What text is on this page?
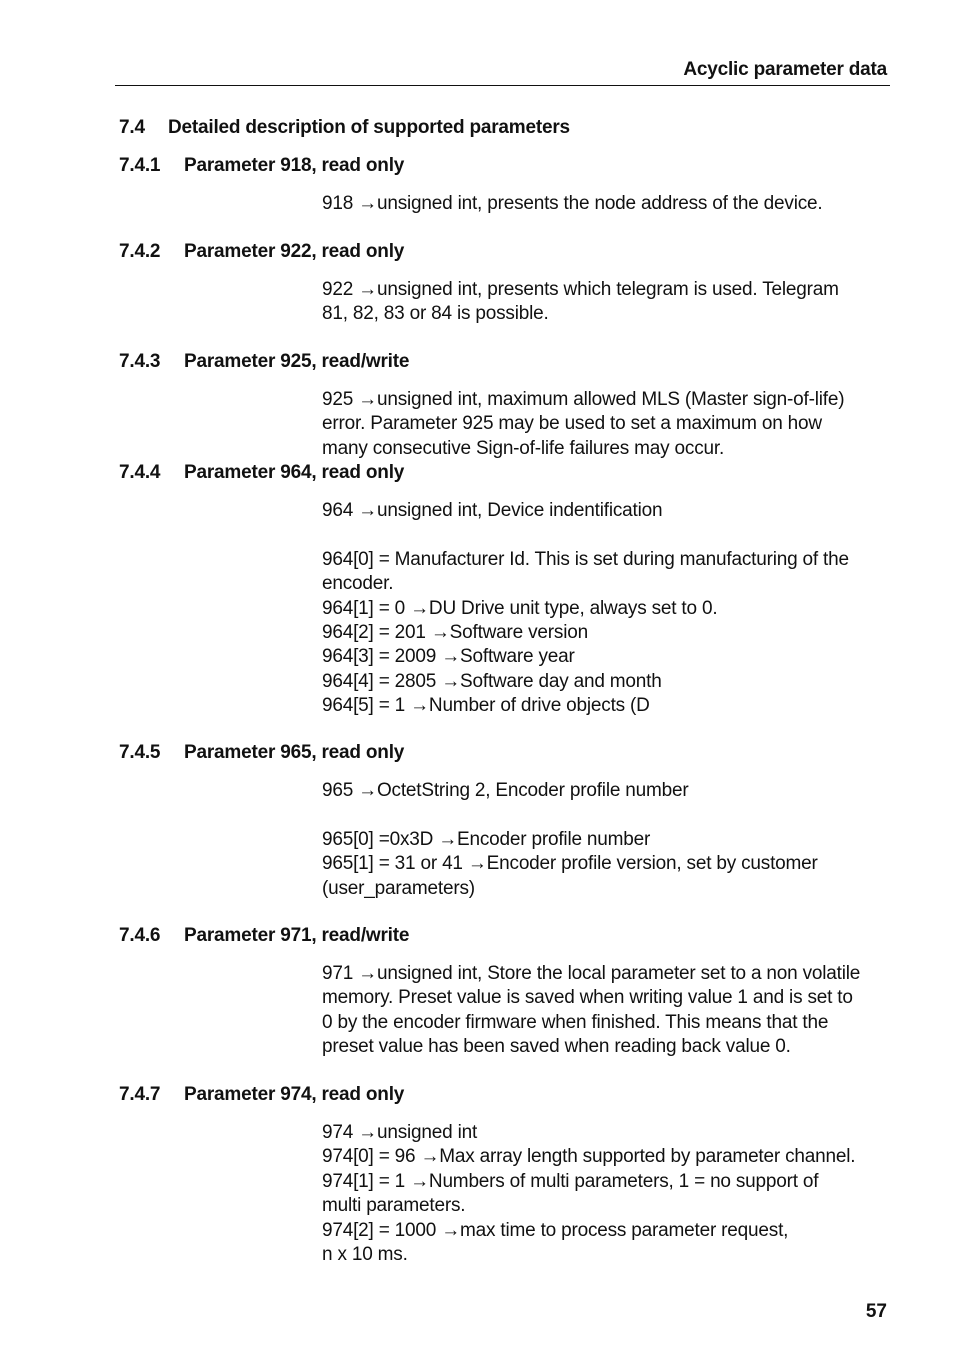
Acyclic parameter data
7.4 Detailed description of supported parameters
7.4.1 Parameter 918, read only

918 →unsigned int, presents the node address of the device.

7.4.2 Parameter 922, read only

922 →unsigned int, presents which telegram is used. Telegram

81, 82, 83 or 84 is possible.

7.4.3 Parameter 925, read/write

925 →unsigned int, maximum allowed MLS (Master sign-of-life)

error. Parameter 925 may be used to set a maximum on how

many consecutive Sign-of-life failures may occur.

7.4.4 Parameter 964, read only

964 →unsigned int, Device indentification

964[0] = Manufacturer Id. This is set during manufacturing of the

encoder.

964[1] = 0 →DU Drive unit type, always set to 0.

964[2] = 201 →Software version

964[3] = 2009 →Software year

964[4] = 2805 →Software day and month

964[5] = 1 →Number of drive objects (D

7.4.5 Parameter 965, read only

965 →OctetString 2, Encoder profile number

965[0] =0x3D →Encoder profile number

965[1] = 31 or 41 →Encoder profile version, set by customer

(user_parameters)

7.4.6 Parameter 971, read/write

971 →unsigned int, Store the local parameter set to a non volatile

memory. Preset value is saved when writing value 1 and is set to

0 by the encoder firmware when finished. This means that the

preset value has been saved when reading back value 0.

7.4.7 Parameter 974, read only

974 →unsigned int

974[0] = 96 →Max array length supported by parameter channel.

974[1] = 1 →Numbers of multi parameters, 1 = no support of

multi parameters.

974[2] = 1000 →max time to process parameter request,

n x 10 ms.

57
